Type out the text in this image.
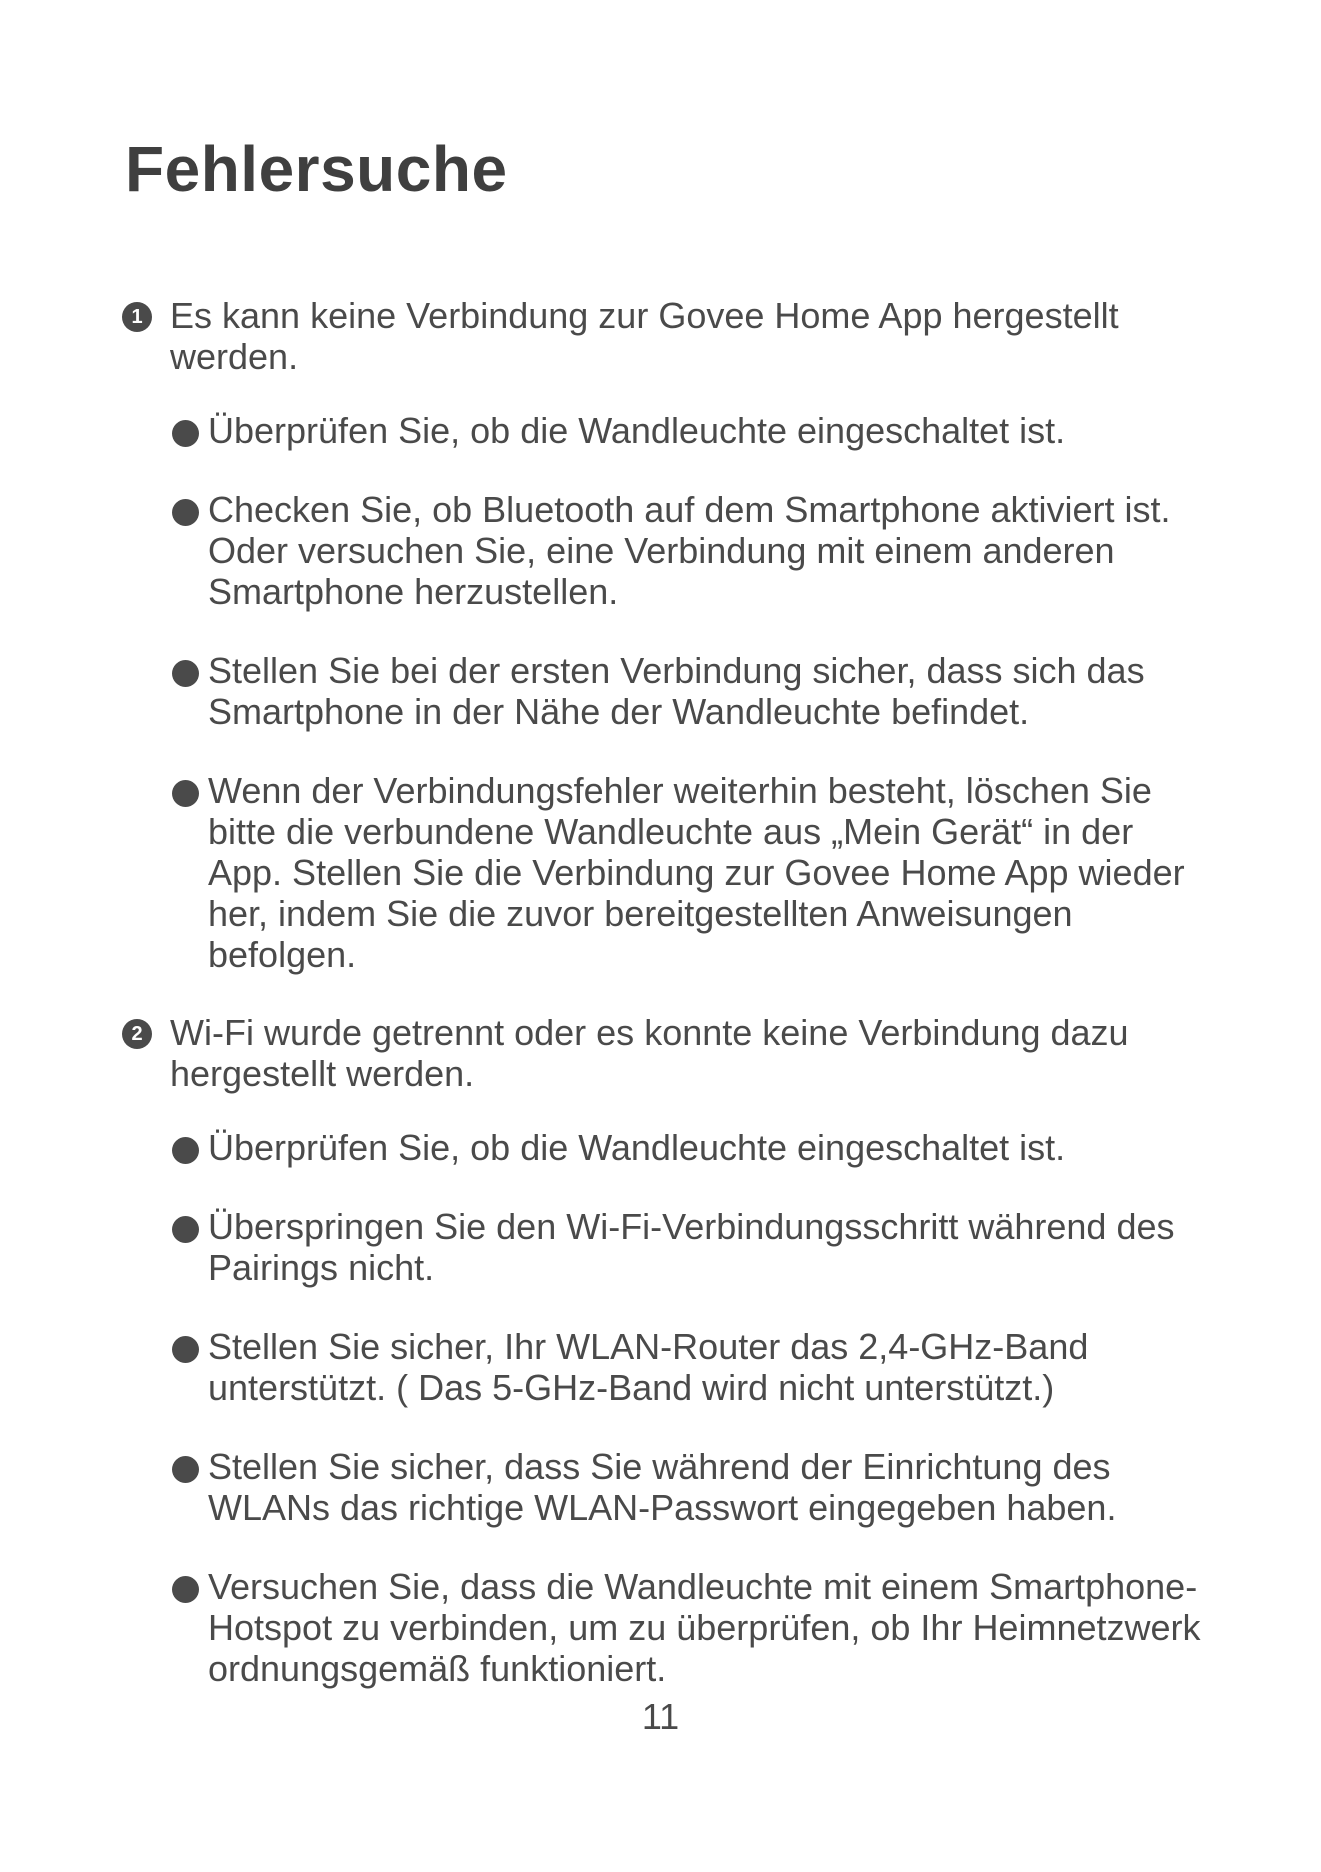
Fehlersuche

1 Es kann keine Verbindung zur Govee Home App hergestellt werden.

Überprüfen Sie, ob die Wandleuchte eingeschaltet ist.
Checken Sie, ob Bluetooth auf dem Smartphone aktiviert ist. Oder versuchen Sie, eine Verbindung mit einem anderen Smartphone herzustellen.
Stellen Sie bei der ersten Verbindung sicher, dass sich das Smartphone in der Nähe der Wandleuchte befindet.
Wenn der Verbindungsfehler weiterhin besteht, löschen Sie bitte die verbundene Wandleuchte aus „Mein Gerät“ in der App. Stellen Sie die Verbindung zur Govee Home App wieder her, indem Sie die zuvor bereitgestellten Anweisungen befolgen.

2 Wi-Fi wurde getrennt oder es konnte keine Verbindung dazu hergestellt werden.

Überprüfen Sie, ob die Wandleuchte eingeschaltet ist.
Überspringen Sie den Wi-Fi-Verbindungsschritt während des Pairings nicht.
Stellen Sie sicher, Ihr WLAN-Router das 2,4-GHz-Band unterstützt. ( Das 5-GHz-Band wird nicht unterstützt.)
Stellen Sie sicher, dass Sie während der Einrichtung des WLANs das richtige WLAN-Passwort eingegeben haben.
Versuchen Sie, dass die Wandleuchte mit einem Smartphone-Hotspot zu verbinden, um zu überprüfen, ob Ihr Heimnetzwerk ordnungsgemäß funktioniert.
11
